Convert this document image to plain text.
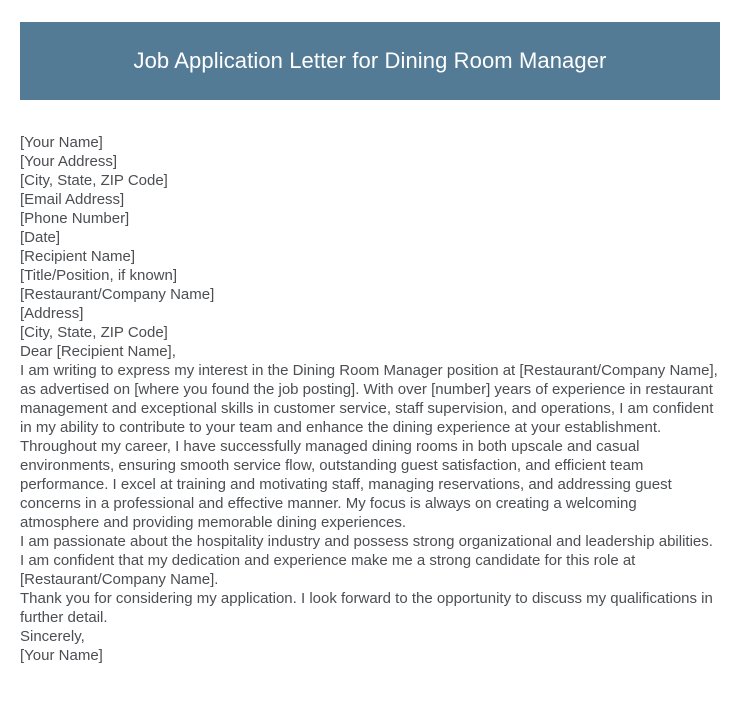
Job Application Letter for Dining Room Manager
[Your Name]
[Your Address]
[City, State, ZIP Code]
[Email Address]
[Phone Number]
[Date]
[Recipient Name]
[Title/Position, if known]
[Restaurant/Company Name]
[Address]
[City, State, ZIP Code]
Dear [Recipient Name],

I am writing to express my interest in the Dining Room Manager position at [Restaurant/Company Name], as advertised on [where you found the job posting]. With over [number] years of experience in restaurant management and exceptional skills in customer service, staff supervision, and operations, I am confident in my ability to contribute to your team and enhance the dining experience at your establishment.

Throughout my career, I have successfully managed dining rooms in both upscale and casual environments, ensuring smooth service flow, outstanding guest satisfaction, and efficient team performance. I excel at training and motivating staff, managing reservations, and addressing guest concerns in a professional and effective manner. My focus is always on creating a welcoming atmosphere and providing memorable dining experiences.

I am passionate about the hospitality industry and possess strong organizational and leadership abilities. I am confident that my dedication and experience make me a strong candidate for this role at [Restaurant/Company Name].

Thank you for considering my application. I look forward to the opportunity to discuss my qualifications in further detail.

Sincerely,
[Your Name]
